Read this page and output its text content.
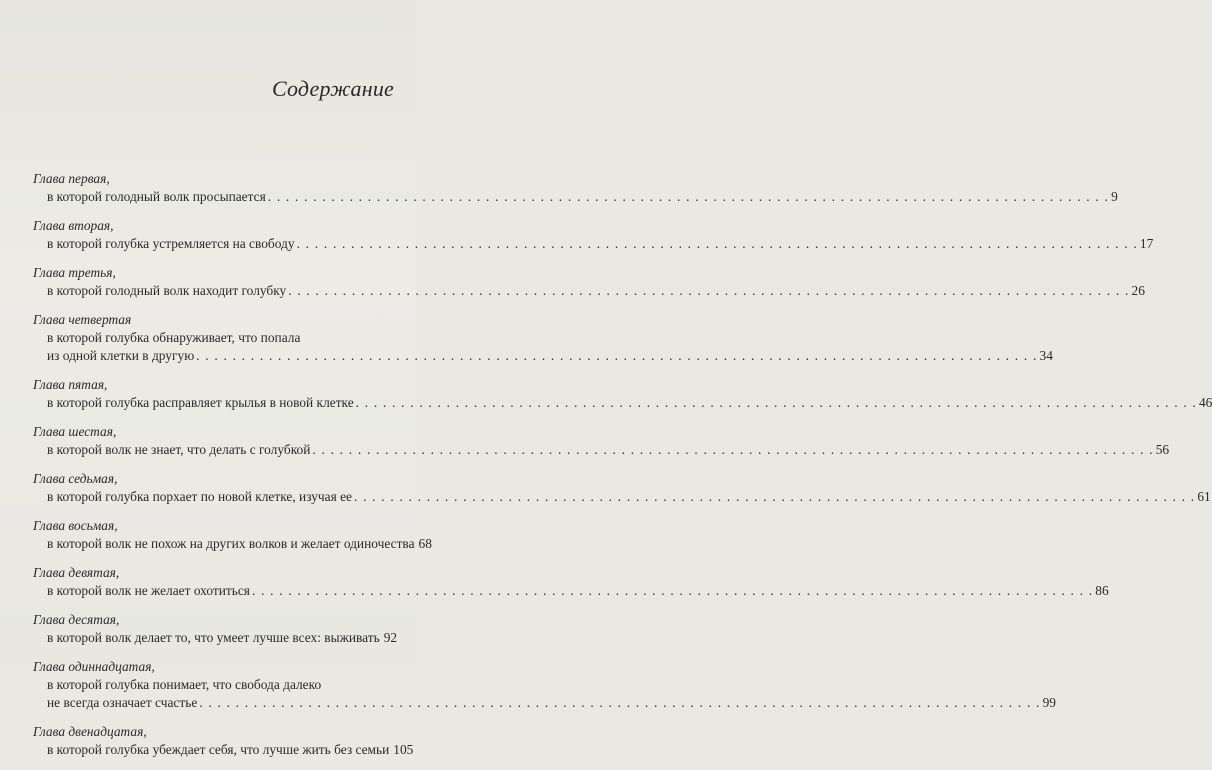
Содержание
Глава первая,
в которой голодный волк просыпается . . .	9
Глава вторая,
в которой голубка устремляется на свободу . . .	17
Глава третья,
в которой голодный волк находит голубку . . .	26
Глава четвертая
в которой голубка обнаруживает, что попала
из одной клетки в другую . . .	34
Глава пятая,
в которой голубка расправляет крылья в новой клетке . . .	46
Глава шестая,
в которой волк не знает, что делать с голубкой . . .	56
Глава седьмая,
в которой голубка порхает по новой клетке, изучая ее . . .	61
Глава восьмая,
в которой волк не похож на других волков и желает одиночества 68
Глава девятая,
в которой волк не желает охотиться . . .	86
Глава десятая,
в которой волк делает то, что умеет лучше всех: выживать 92
Глава одиннадцатая,
в которой голубка понимает, что свобода далеко
не всегда означает счастье . . .	99
Глава двенадцатая,
в которой голубка убеждает себя, что лучше жить без семьи 105
